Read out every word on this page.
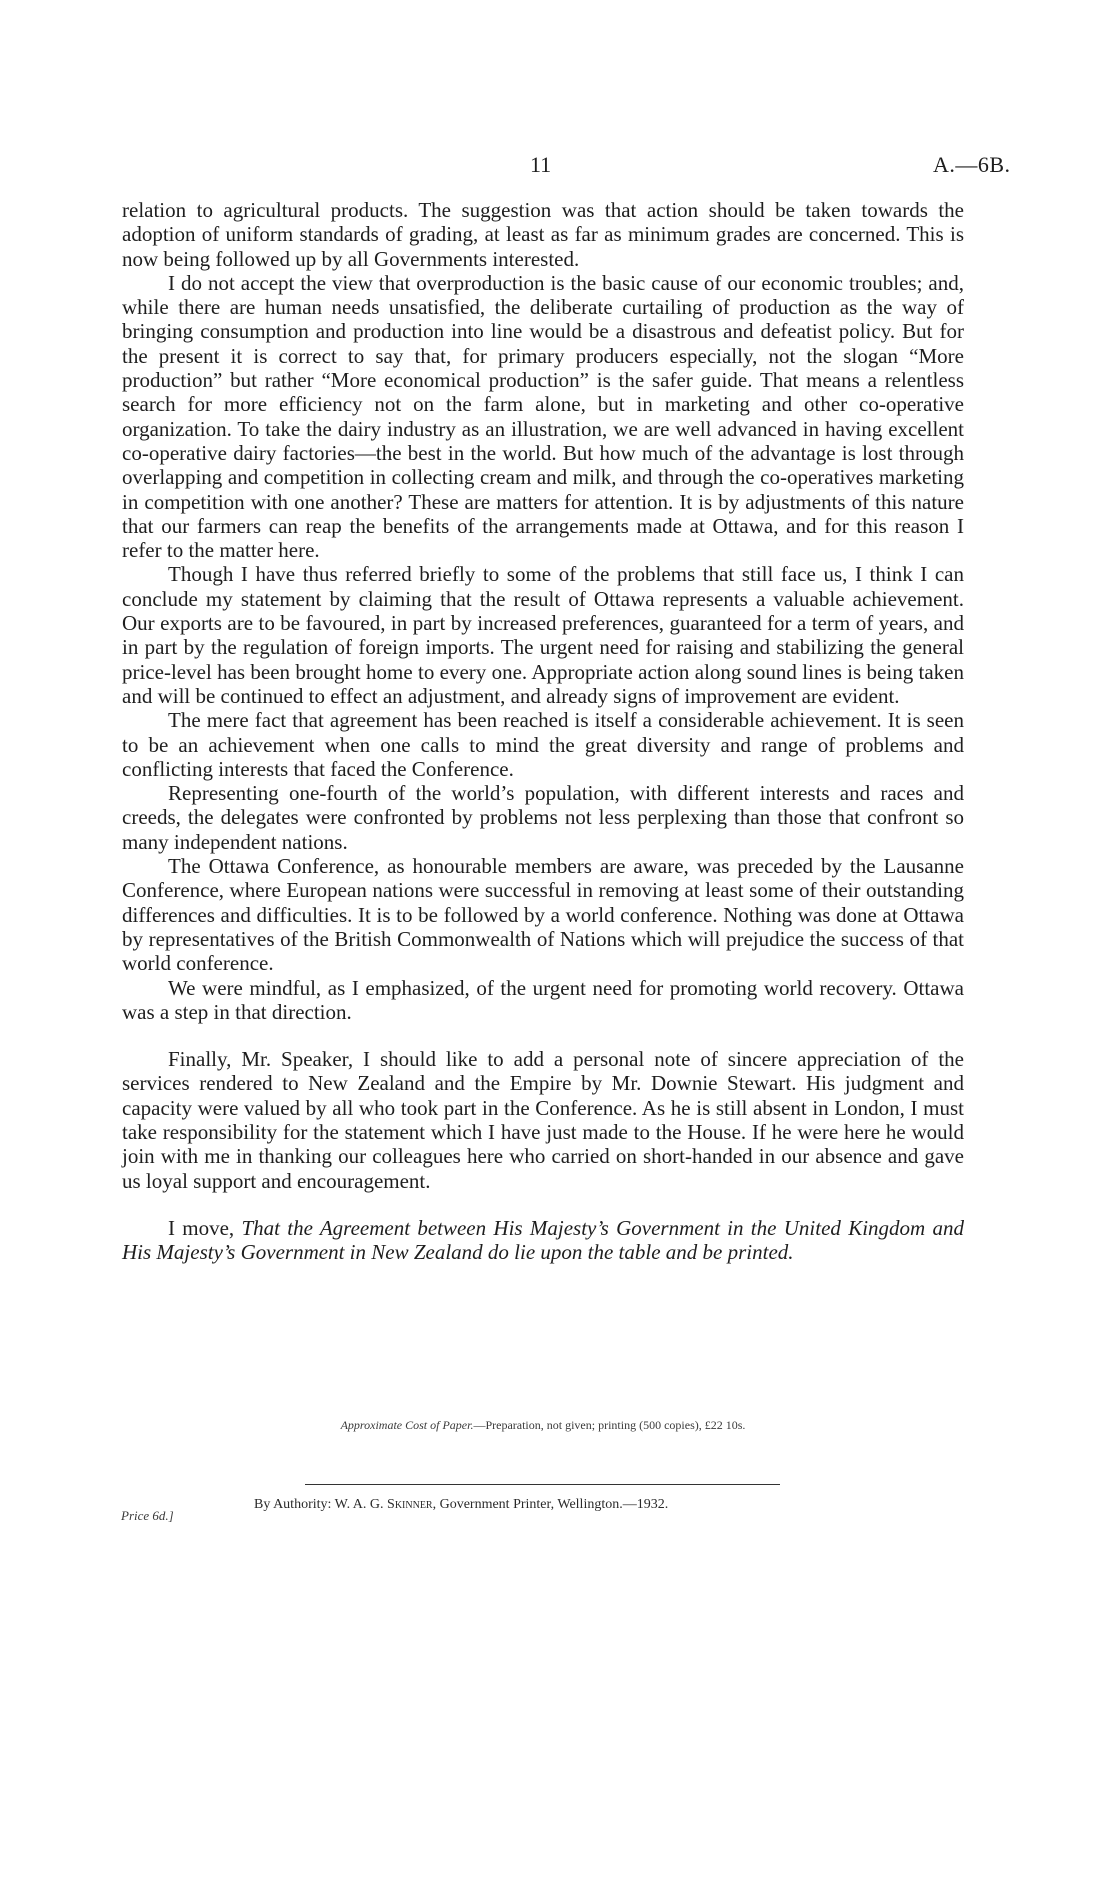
11	A.—6B.

relation to agricultural products. The suggestion was that action should be taken towards the adoption of uniform standards of grading, at least as far as minimum grades are concerned. This is now being followed up by all Governments interested.

I do not accept the view that overproduction is the basic cause of our economic troubles; and, while there are human needs unsatisfied, the deliberate curtailing of production as the way of bringing consumption and production into line would be a disastrous and defeatist policy. But for the present it is correct to say that, for primary producers especially, not the slogan “More production” but rather “More economical production” is the safer guide. That means a relentless search for more efficiency not on the farm alone, but in marketing and other co-operative organization. To take the dairy industry as an illustration, we are well advanced in having excellent co-operative dairy factories—the best in the world. But how much of the advantage is lost through overlapping and competition in collecting cream and milk, and through the co-operatives marketing in competition with one another? These are matters for attention. It is by adjustments of this nature that our farmers can reap the benefits of the arrangements made at Ottawa, and for this reason I refer to the matter here.

Though I have thus referred briefly to some of the problems that still face us, I think I can conclude my statement by claiming that the result of Ottawa represents a valuable achievement. Our exports are to be favoured, in part by increased preferences, guaranteed for a term of years, and in part by the regulation of foreign imports. The urgent need for raising and stabilizing the general price-level has been brought home to every one. Appropriate action along sound lines is being taken and will be continued to effect an adjustment, and already signs of improvement are evident.

The mere fact that agreement has been reached is itself a considerable achievement. It is seen to be an achievement when one calls to mind the great diversity and range of problems and conflicting interests that faced the Conference.

Representing one-fourth of the world’s population, with different interests and races and creeds, the delegates were confronted by problems not less perplexing than those that confront so many independent nations.

The Ottawa Conference, as honourable members are aware, was preceded by the Lausanne Conference, where European nations were successful in removing at least some of their outstanding differences and difficulties. It is to be followed by a world conference. Nothing was done at Ottawa by representatives of the British Commonwealth of Nations which will prejudice the success of that world conference.

We were mindful, as I emphasized, of the urgent need for promoting world recovery. Ottawa was a step in that direction.

Finally, Mr. Speaker, I should like to add a personal note of sincere appreciation of the services rendered to New Zealand and the Empire by Mr. Downie Stewart. His judgment and capacity were valued by all who took part in the Conference. As he is still absent in London, I must take responsibility for the statement which I have just made to the House. If he were here he would join with me in thanking our colleagues here who carried on short-handed in our absence and gave us loyal support and encouragement.

I move, That the Agreement between His Majesty’s Government in the United Kingdom and His Majesty’s Government in New Zealand do lie upon the table and be printed.

Approximate Cost of Paper.—Preparation, not given; printing (500 copies), £22 10s.
By Authority: W. A. G. Skinner, Government Printer, Wellington.—1932.
Price 6d.]
